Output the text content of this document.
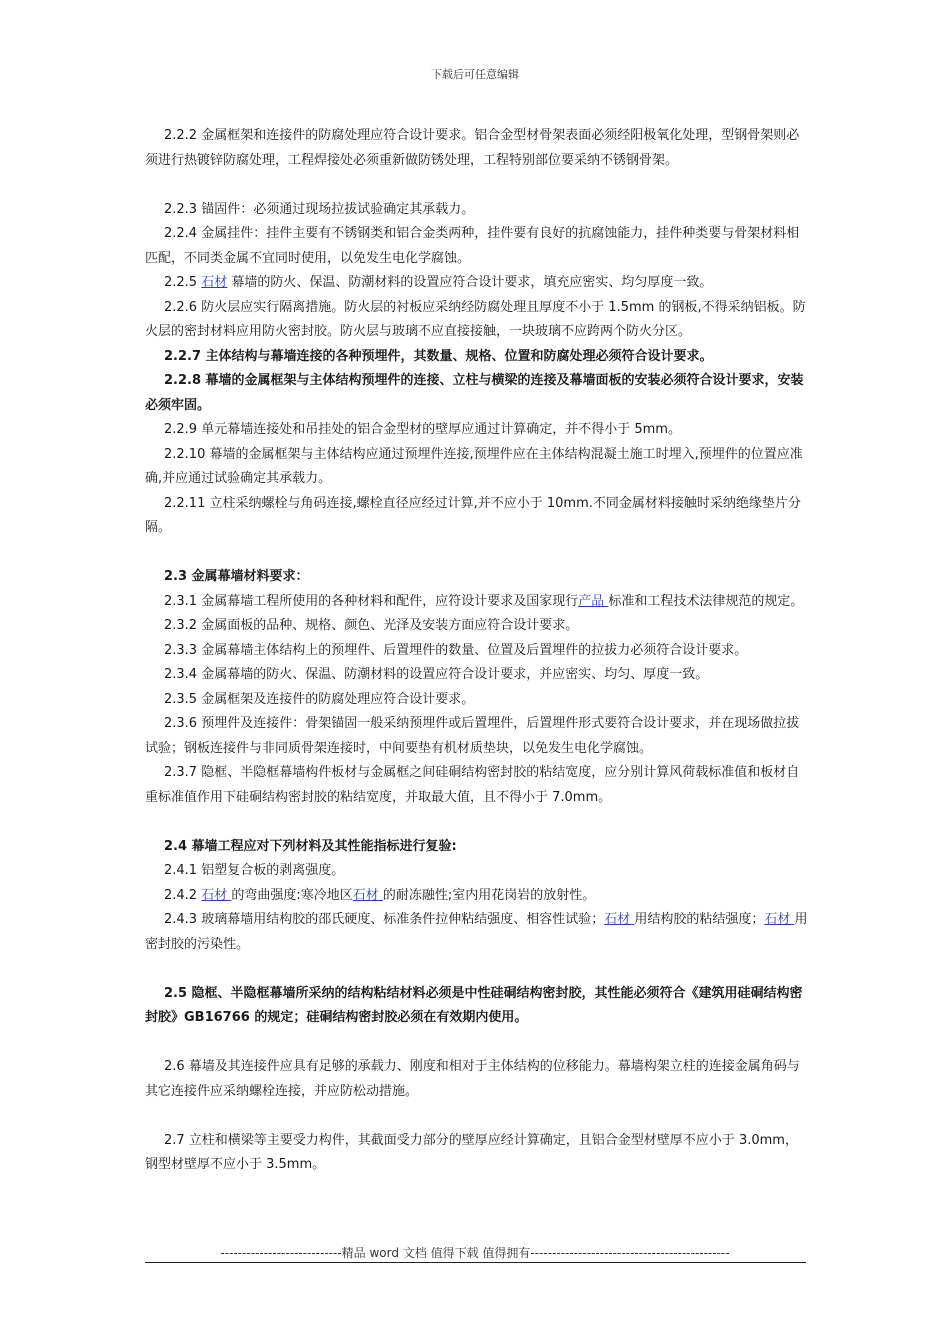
下载后可任意编辑

2.2.2 金属框架和连接件的防腐处理应符合设计要求。铝合金型材骨架表面必须经阳极氧化处理，型钢骨架则必须进行热镀锌防腐处理，工程焊接处必须重新做防锈处理，工程特别部位要采纳不锈钢骨架。

2.2.3 锚固件：必须通过现场拉拔试验确定其承载力。

2.2.4 金属挂件：挂件主要有不锈钢类和铝合金类两种，挂件要有良好的抗腐蚀能力，挂件种类要与骨架材料相匹配，不同类金属不宜同时使用，以免发生电化学腐蚀。

2.2.5 石材 幕墙的防火、保温、防潮材料的设置应符合设计要求，填充应密实、均匀厚度一致。

2.2.6 防火层应实行隔离措施。防火层的衬板应采纳经防腐处理且厚度不小于 1.5mm 的钢板,不得采纳铝板。防火层的密封材料应用防火密封胶。防火层与玻璃不应直接接触，一块玻璃不应跨两个防火分区。

2.2.7 主体结构与幕墙连接的各种预埋件，其数量、规格、位置和防腐处理必须符合设计要求。

2.2.8 幕墙的金属框架与主体结构预埋件的连接、立柱与横梁的连接及幕墙面板的安装必须符合设计要求，安装必须牢固。

2.2.9 单元幕墙连接处和吊挂处的铝合金型材的壁厚应通过计算确定，并不得小于 5mm。

2.2.10 幕墙的金属框架与主体结构应通过预埋件连接,预埋件应在主体结构混凝土施工时埋入,预埋件的位置应准确,并应通过试验确定其承载力。

2.2.11 立柱采纳螺栓与角码连接,螺栓直径应经过计算,并不应小于 10mm.不同金属材料接触时采纳绝缘垫片分隔。

2.3 金属幕墙材料要求：

2.3.1 金属幕墙工程所使用的各种材料和配件，应符设计要求及国家现行产品 标准和工程技术法律规范的规定。

2.3.2 金属面板的品种、规格、颜色、光泽及安装方面应符合设计要求。

2.3.3 金属幕墙主体结构上的预埋件、后置埋件的数量、位置及后置埋件的拉拔力必须符合设计要求。

2.3.4 金属幕墙的防火、保温、防潮材料的设置应符合设计要求，并应密实、均匀、厚度一致。

2.3.5 金属框架及连接件的防腐处理应符合设计要求。

2.3.6 预埋件及连接件：骨架锚固一般采纳预埋件或后置埋件，后置埋件形式要符合设计要求，并在现场做拉拔试验；钢板连接件与非同质骨架连接时，中间要垫有机材质垫块，以免发生电化学腐蚀。

2.3.7 隐框、半隐框幕墙构件板材与金属框之间硅硐结构密封胶的粘结宽度，应分别计算风荷载标准值和板材自重标准值作用下硅硐结构密封胶的粘结宽度，并取最大值，且不得小于 7.0mm。

2.4 幕墙工程应对下列材料及其性能指标进行复验:

2.4.1 铝塑复合板的剥离强度。

2.4.2 石材 的弯曲强度:寒冷地区石材 的耐冻融性;室内用花岗岩的放射性。

2.4.3 玻璃幕墙用结构胶的邵氏硬度、标准条件拉伸粘结强度、相容性试验；石材 用结构胶的粘结强度；石材 用密封胶的污染性。

2.5 隐框、半隐框幕墙所采纳的结构粘结材料必须是中性硅硐结构密封胶，其性能必须符合《建筑用硅硐结构密封胶》GB16766 的规定；硅硐结构密封胶必须在有效期内使用。

2.6 幕墙及其连接件应具有足够的承载力、刚度和相对于主体结构的位移能力。幕墙构架立柱的连接金属角码与其它连接件应采纳螺栓连接，并应防松动措施。

2.7 立柱和横梁等主要受力构件，其截面受力部分的壁厚应经计算确定，且铝合金型材壁厚不应小于 3.0mm，钢型材壁厚不应小于 3.5mm。

----------------------------精品 word 文档 值得下载 值得拥有----------------------------------------------
